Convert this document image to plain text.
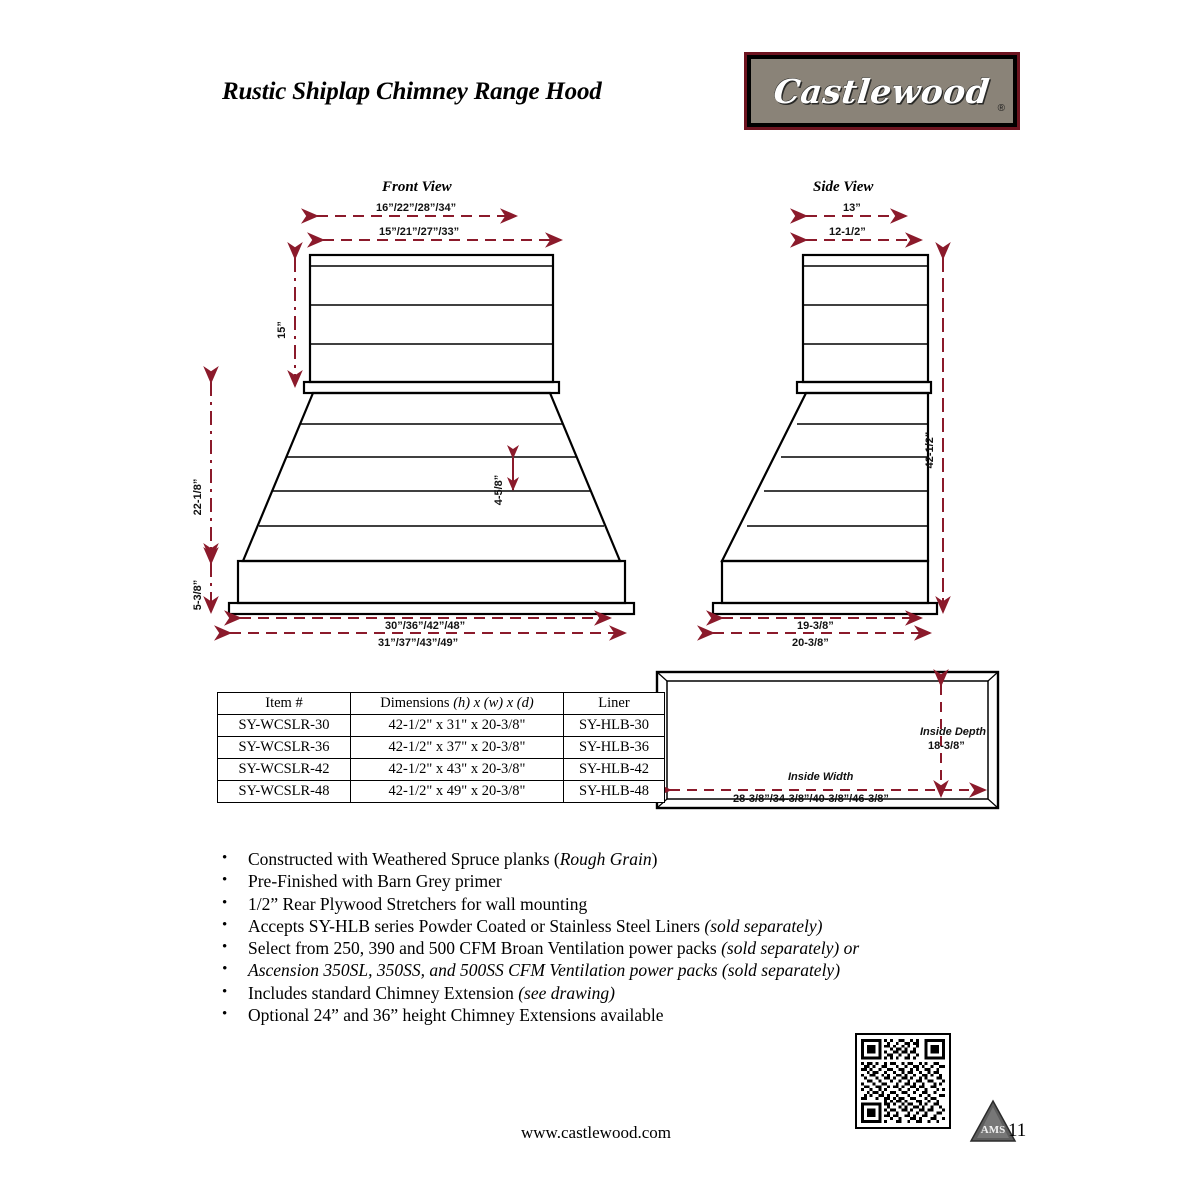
Rustic Shiplap Chimney Range Hood	Castlewood ®
Front View	Side View
16”/22”/28”/34”
15”/21”/27”/33”
15”
22-1/8”
5-3/8”
4-5/8”
30”/36”/42”/48”
31”/37”/43”/49”
13”
12-1/2”
42-1/2”
19-3/8”
20-3/8”
Inside Depth
18-3/8”
Inside Width
28-3/8”/34-3/8”/40-3/8”/46-3/8”
Item #	Dimensions (h) x (w) x (d)	Liner
SY-WCSLR-30	42-1/2" x 31" x 20-3/8"	SY-HLB-30
SY-WCSLR-36	42-1/2" x 37" x 20-3/8"	SY-HLB-36
SY-WCSLR-42	42-1/2" x 43" x 20-3/8"	SY-HLB-42
SY-WCSLR-48	42-1/2" x 49" x 20-3/8"	SY-HLB-48
• Constructed with Weathered Spruce planks (Rough Grain)
• Pre-Finished with Barn Grey primer
• 1/2” Rear Plywood Stretchers for wall mounting
• Accepts SY-HLB series Powder Coated or Stainless Steel Liners (sold separately)
• Select from 250, 390 and 500 CFM Broan Ventilation power packs (sold separately) or
• Ascension 350SL, 350SS, and 500SS CFM Ventilation power packs (sold separately)
• Includes standard Chimney Extension (see drawing)
• Optional 24” and 36” height Chimney Extensions available
www.castlewood.com	AMS 11
